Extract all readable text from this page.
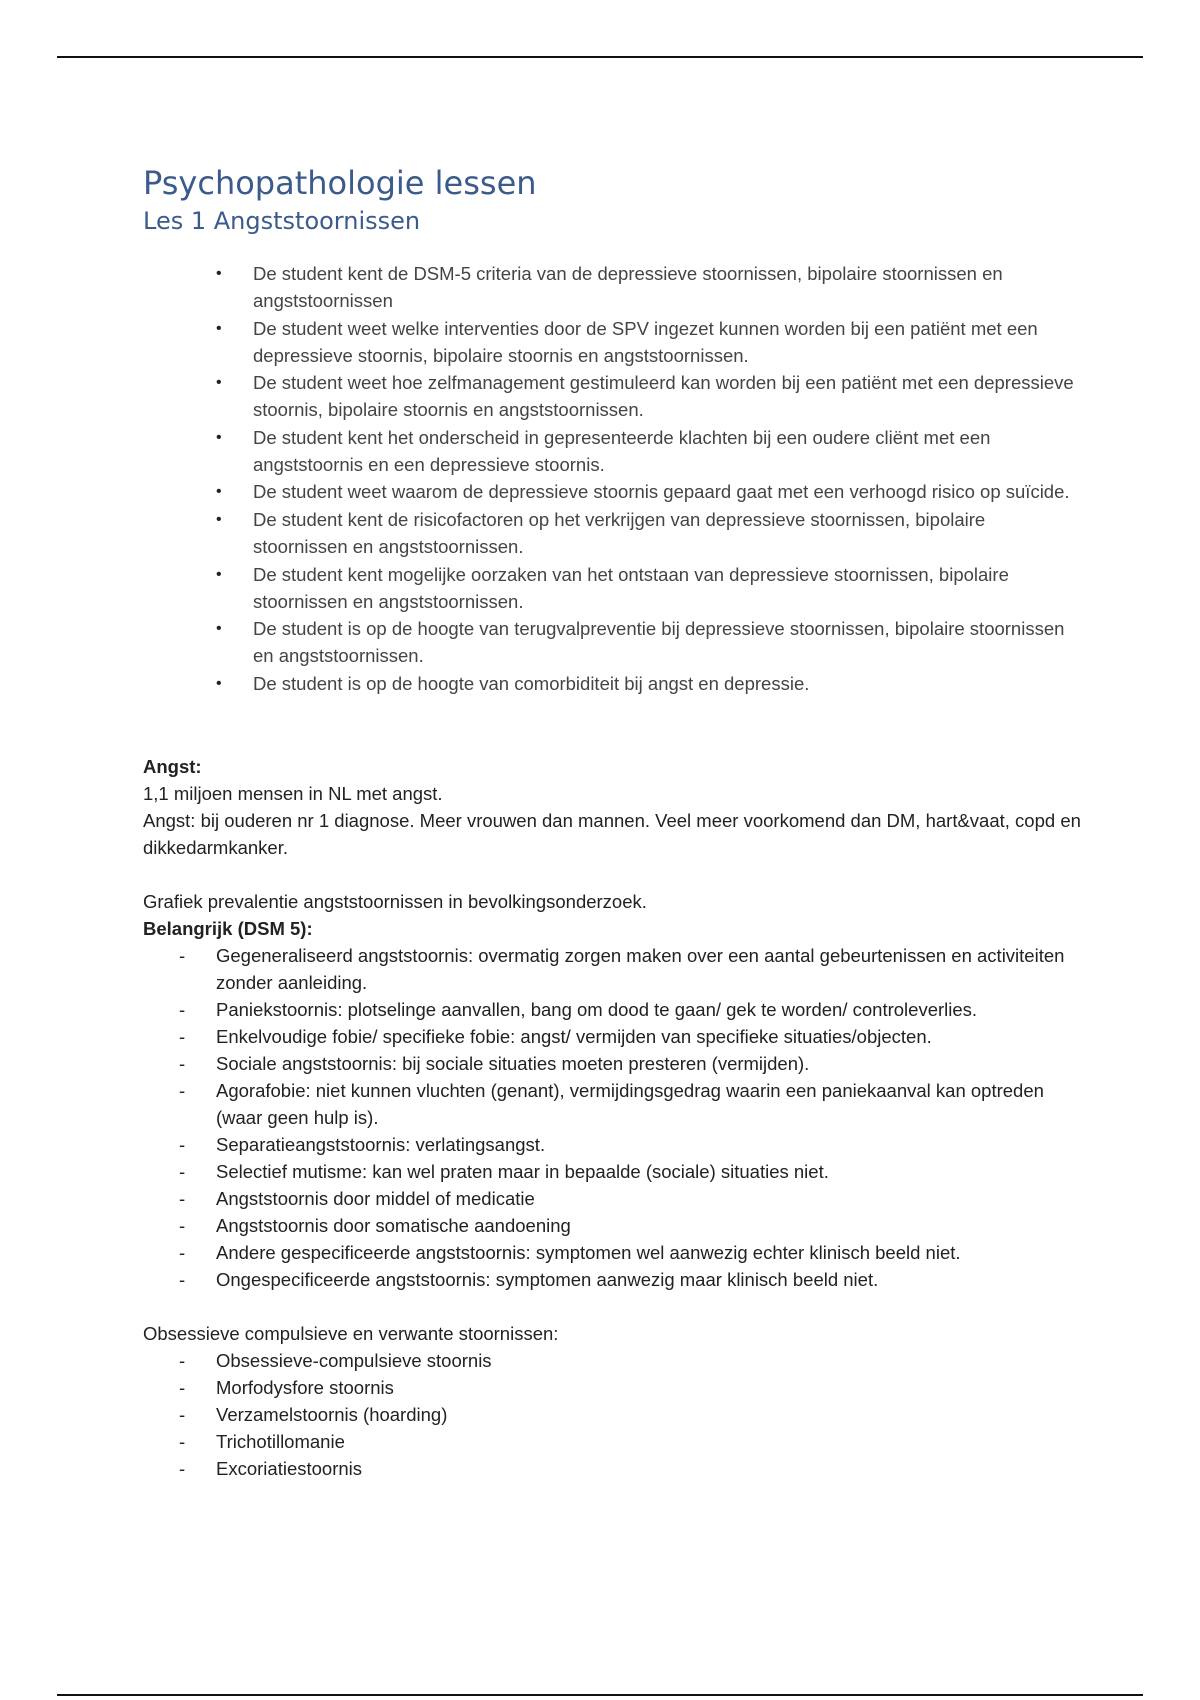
Psychopathologie lessen
Les 1 Angststoornissen
• De student kent de DSM-5 criteria van de depressieve stoornissen, bipolaire stoornissen en angststoornissen
• De student weet welke interventies door de SPV ingezet kunnen worden bij een patiënt met een depressieve stoornis, bipolaire stoornis en angststoornissen.
• De student weet hoe zelfmanagement gestimuleerd kan worden bij een patiënt met een depressieve stoornis, bipolaire stoornis en angststoornissen.
• De student kent het onderscheid in gepresenteerde klachten bij een oudere cliënt met een angststoornis en een depressieve stoornis.
• De student weet waarom de depressieve stoornis gepaard gaat met een verhoogd risico op suïcide.
• De student kent de risicofactoren op het verkrijgen van depressieve stoornissen, bipolaire stoornissen en angststoornissen.
• De student kent mogelijke oorzaken van het ontstaan van depressieve stoornissen, bipolaire stoornissen en angststoornissen.
• De student is op de hoogte van terugvalpreventie bij depressieve stoornissen, bipolaire stoornissen en angststoornissen.
• De student is op de hoogte van comorbiditeit bij angst en depressie.

Angst:

1,1 miljoen mensen in NL met angst.

Angst: bij ouderen nr 1 diagnose. Meer vrouwen dan mannen. Veel meer voorkomend dan DM, hart&vaat, copd en dikkedarmkanker.

Grafiek prevalentie angststoornissen in bevolkingsonderzoek.

Belangrijk (DSM 5):

- Gegeneraliseerd angststoornis: overmatig zorgen maken over een aantal gebeurtenissen en activiteiten zonder aanleiding.
- Paniekstoornis: plotselinge aanvallen, bang om dood te gaan/ gek te worden/ controleverlies.
- Enkelvoudige fobie/ specifieke fobie: angst/ vermijden van specifieke situaties/objecten.
- Sociale angststoornis: bij sociale situaties moeten presteren (vermijden).
- Agorafobie: niet kunnen vluchten (genant), vermijdingsgedrag waarin een paniekaanval kan optreden (waar geen hulp is).
- Separatieangststoornis: verlatingsangst.
- Selectief mutisme: kan wel praten maar in bepaalde (sociale) situaties niet.
- Angststoornis door middel of medicatie
- Angststoornis door somatische aandoening
- Andere gespecificeerde angststoornis: symptomen wel aanwezig echter klinisch beeld niet.
- Ongespecificeerde angststoornis: symptomen aanwezig maar klinisch beeld niet.

Obsessieve compulsieve en verwante stoornissen:

- Obsessieve-compulsieve stoornis
- Morfodysfore stoornis
- Verzamelstoornis (hoarding)
- Trichotillomanie
- Excoriatiestoornis
